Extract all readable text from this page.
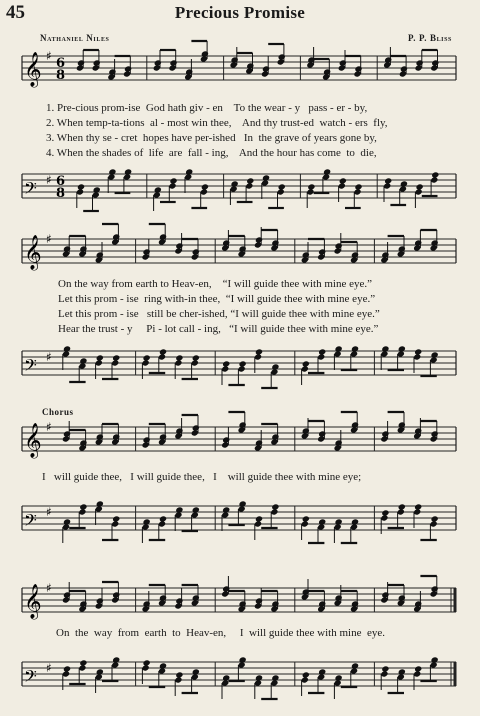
45	Precious Promise
Nathaniel Niles	P. P. Bliss
𝄞 ♯ 6
8
1. Pre-cious prom-ise  God hath giv - en    To the wear - y   pass - er - by,
2. When temp-ta-tions  al - most win thee,    And thy trust-ed  watch - ers  fly,
3. When thy se - cret  hopes have per-ished   In  the grave of years gone by,
4. When the shades of  life  are  fall - ing,    And the hour has come  to  die,
𝄢 ♯ 6
8
𝄞 ♯
On the way from earth to Heav-en,    “I will guide thee with mine eye.”
Let this prom - ise  ring with-in thee,  “I will guide thee with mine eye.”
Let this prom - ise   still be cher-ished, “I will guide thee with mine eye.”
Hear the trust - y     Pi - lot call - ing,   “I will guide thee with mine eye.”
𝄢 ♯
Chorus
𝄞 ♯
I   will guide thee,   I will guide thee,   I    will guide thee with mine eye;
𝄢 ♯
𝄞 ♯
On  the  way  from  earth  to  Heav-en,     I  will guide thee with mine  eye.
𝄢 ♯
